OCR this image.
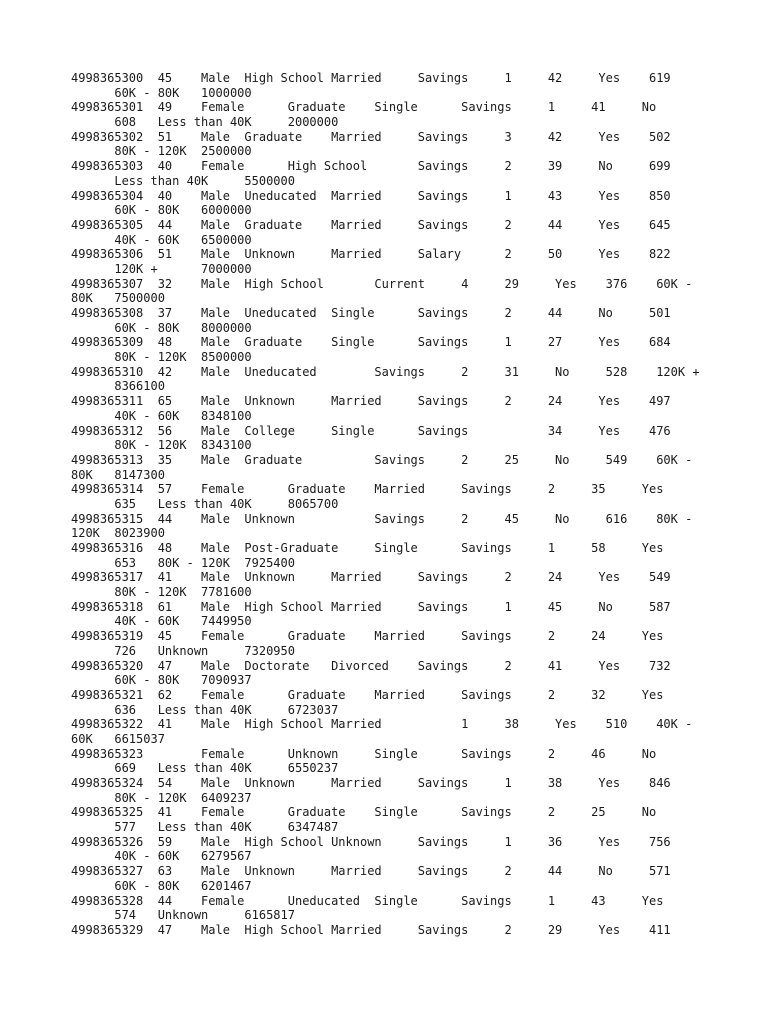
4998365300  45    Male  High School Married     Savings     1     42     Yes    619
60K - 80K   1000000
4998365301  49    Female      Graduate    Single      Savings     1     41     No
608   Less than 40K     2000000
4998365302  51    Male  Graduate    Married     Savings     3     42     Yes    502
80K - 120K  2500000
4998365303  40    Female      High School       Savings     2     39     No     699
Less than 40K     5500000
4998365304  40    Male  Uneducated  Married     Savings     1     43     Yes    850
60K - 80K   6000000
4998365305  44    Male  Graduate    Married     Savings     2     44     Yes    645
40K - 60K   6500000
4998365306  51    Male  Unknown     Married     Salary      2     50     Yes    822
120K +      7000000
4998365307  32    Male  High School       Current     4     29     Yes    376    60K -
80K   7500000
4998365308  37    Male  Uneducated  Single      Savings     2     44     No     501
60K - 80K   8000000
4998365309  48    Male  Graduate    Single      Savings     1     27     Yes    684
80K - 120K  8500000
4998365310  42    Male  Uneducated        Savings     2     31     No     528    120K +
8366100
4998365311  65    Male  Unknown     Married     Savings     2     24     Yes    497
40K - 60K   8348100
4998365312  56    Male  College     Single      Savings           34     Yes    476
80K - 120K  8343100
4998365313  35    Male  Graduate          Savings     2     25     No     549    60K -
80K   8147300
4998365314  57    Female      Graduate    Married     Savings     2     35     Yes
635   Less than 40K     8065700
4998365315  44    Male  Unknown           Savings     2     45     No     616    80K -
120K  8023900
4998365316  48    Male  Post-Graduate     Single      Savings     1     58     Yes
653   80K - 120K  7925400
4998365317  41    Male  Unknown     Married     Savings     2     24     Yes    549
80K - 120K  7781600
4998365318  61    Male  High School Married     Savings     1     45     No     587
40K - 60K   7449950
4998365319  45    Female      Graduate    Married     Savings     2     24     Yes
726   Unknown     7320950
4998365320  47    Male  Doctorate   Divorced    Savings     2     41     Yes    732
60K - 80K   7090937
4998365321  62    Female      Graduate    Married     Savings     2     32     Yes
636   Less than 40K     6723037
4998365322  41    Male  High School Married           1     38     Yes    510    40K -
60K   6615037
4998365323        Female      Unknown     Single      Savings     2     46     No
669   Less than 40K     6550237
4998365324  54    Male  Unknown     Married     Savings     1     38     Yes    846
80K - 120K  6409237
4998365325  41    Female      Graduate    Single      Savings     2     25     No
577   Less than 40K     6347487
4998365326  59    Male  High School Unknown     Savings     1     36     Yes    756
40K - 60K   6279567
4998365327  63    Male  Unknown     Married     Savings     2     44     No     571
60K - 80K   6201467
4998365328  44    Female      Uneducated  Single      Savings     1     43     Yes
574   Unknown     6165817
4998365329  47    Male  High School Married     Savings     2     29     Yes    411
